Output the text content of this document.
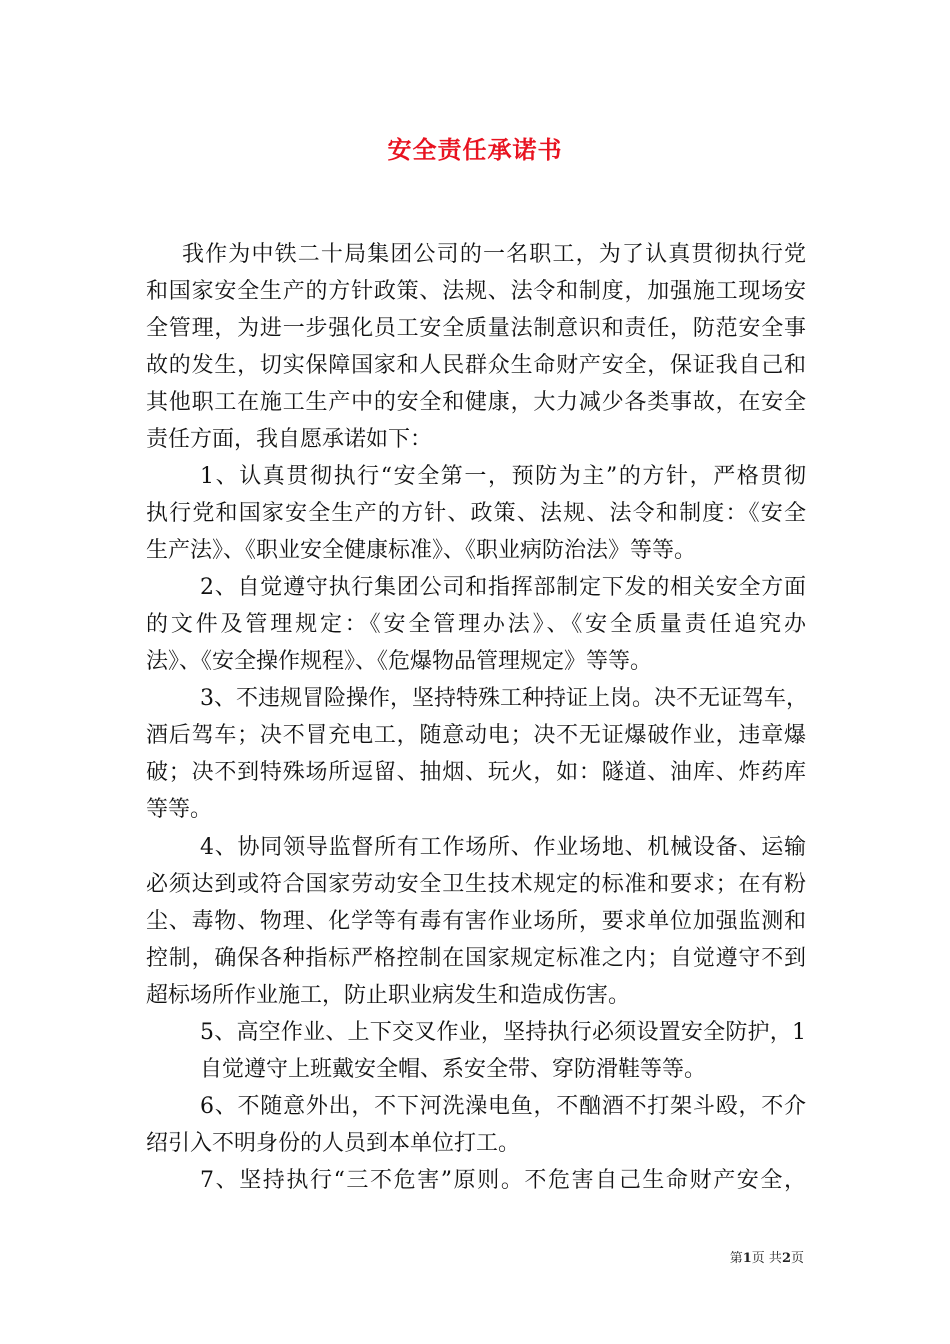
安全责任承诺书
我作为中铁二十局集团公司的一名职工，为了认真贯彻执行党
和国家安全生产的方针政策、法规、法令和制度，加强施工现场安
全管理，为进一步强化员工安全质量法制意识和责任，防范安全事
故的发生，切实保障国家和人民群众生命财产安全，保证我自己和
其他职工在施工生产中的安全和健康，大力减少各类事故，在安全
责任方面，我自愿承诺如下：
1、认真贯彻执行“安全第一，预防为主”的方针，严格贯彻
执行党和国家安全生产的方针、政策、法规、法令和制度：《安全
生产法》、《职业安全健康标准》、《职业病防治法》等等。
2、自觉遵守执行集团公司和指挥部制定下发的相关安全方面
的文件及管理规定：《安全管理办法》、《安全质量责任追究办
法》、《安全操作规程》、《危爆物品管理规定》等等。
3、不违规冒险操作，坚持特殊工种持证上岗。决不无证驾车，
酒后驾车；决不冒充电工，随意动电；决不无证爆破作业，违章爆
破；决不到特殊场所逗留、抽烟、玩火，如：隧道、油库、炸药库
等等。
4、协同领导监督所有工作场所、作业场地、机械设备、运输
必须达到或符合国家劳动安全卫生技术规定的标准和要求；在有粉
尘、毒物、物理、化学等有毒有害作业场所，要求单位加强监测和
控制，确保各种指标严格控制在国家规定标准之内；自觉遵守不到
超标场所作业施工，防止职业病发生和造成伤害。
5、高空作业、上下交叉作业，坚持执行必须设置安全防护，1
自觉遵守上班戴安全帽、系安全带、穿防滑鞋等等。
6、不随意外出，不下河洗澡电鱼，不酗酒不打架斗殴，不介
绍引入不明身份的人员到本单位打工。
7、坚持执行“三不危害”原则。不危害自己生命财产安全，
第1页 共2页
